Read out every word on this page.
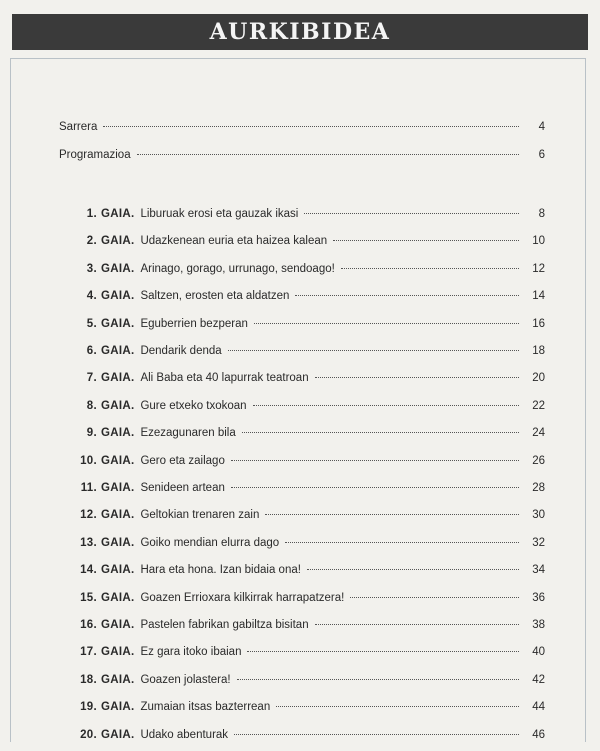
AURKIBIDEA
Sarrera	4
Programazioa	6
1. GAIA. Liburuak erosi eta gauzak ikasi	8
2. GAIA. Udazkenean euria eta haizea kalean	10
3. GAIA. Arinago, gorago, urrunago, sendoago!	12
4. GAIA. Saltzen, erosten eta aldatzen	14
5. GAIA. Eguberrien bezperan	16
6. GAIA. Dendarik denda	18
7. GAIA. Ali Baba eta 40 lapurrak teatroan	20
8. GAIA. Gure etxeko txokoan	22
9. GAIA. Ezezagunaren bila	24
10. GAIA. Gero eta zailago	26
11. GAIA. Senideen artean	28
12. GAIA. Geltokian trenaren zain	30
13. GAIA. Goiko mendian elurra dago	32
14. GAIA. Hara eta hona. Izan bidaia ona!	34
15. GAIA. Goazen Errioxara kilkirrak harrapatzera!	36
16. GAIA. Pastelen fabrikan gabiltza bisitan	38
17. GAIA. Ez gara itoko ibaian	40
18. GAIA. Goazen jolastera!	42
19. GAIA. Zumaian itsas bazterrean	44
20. GAIA. Udako abenturak	46
